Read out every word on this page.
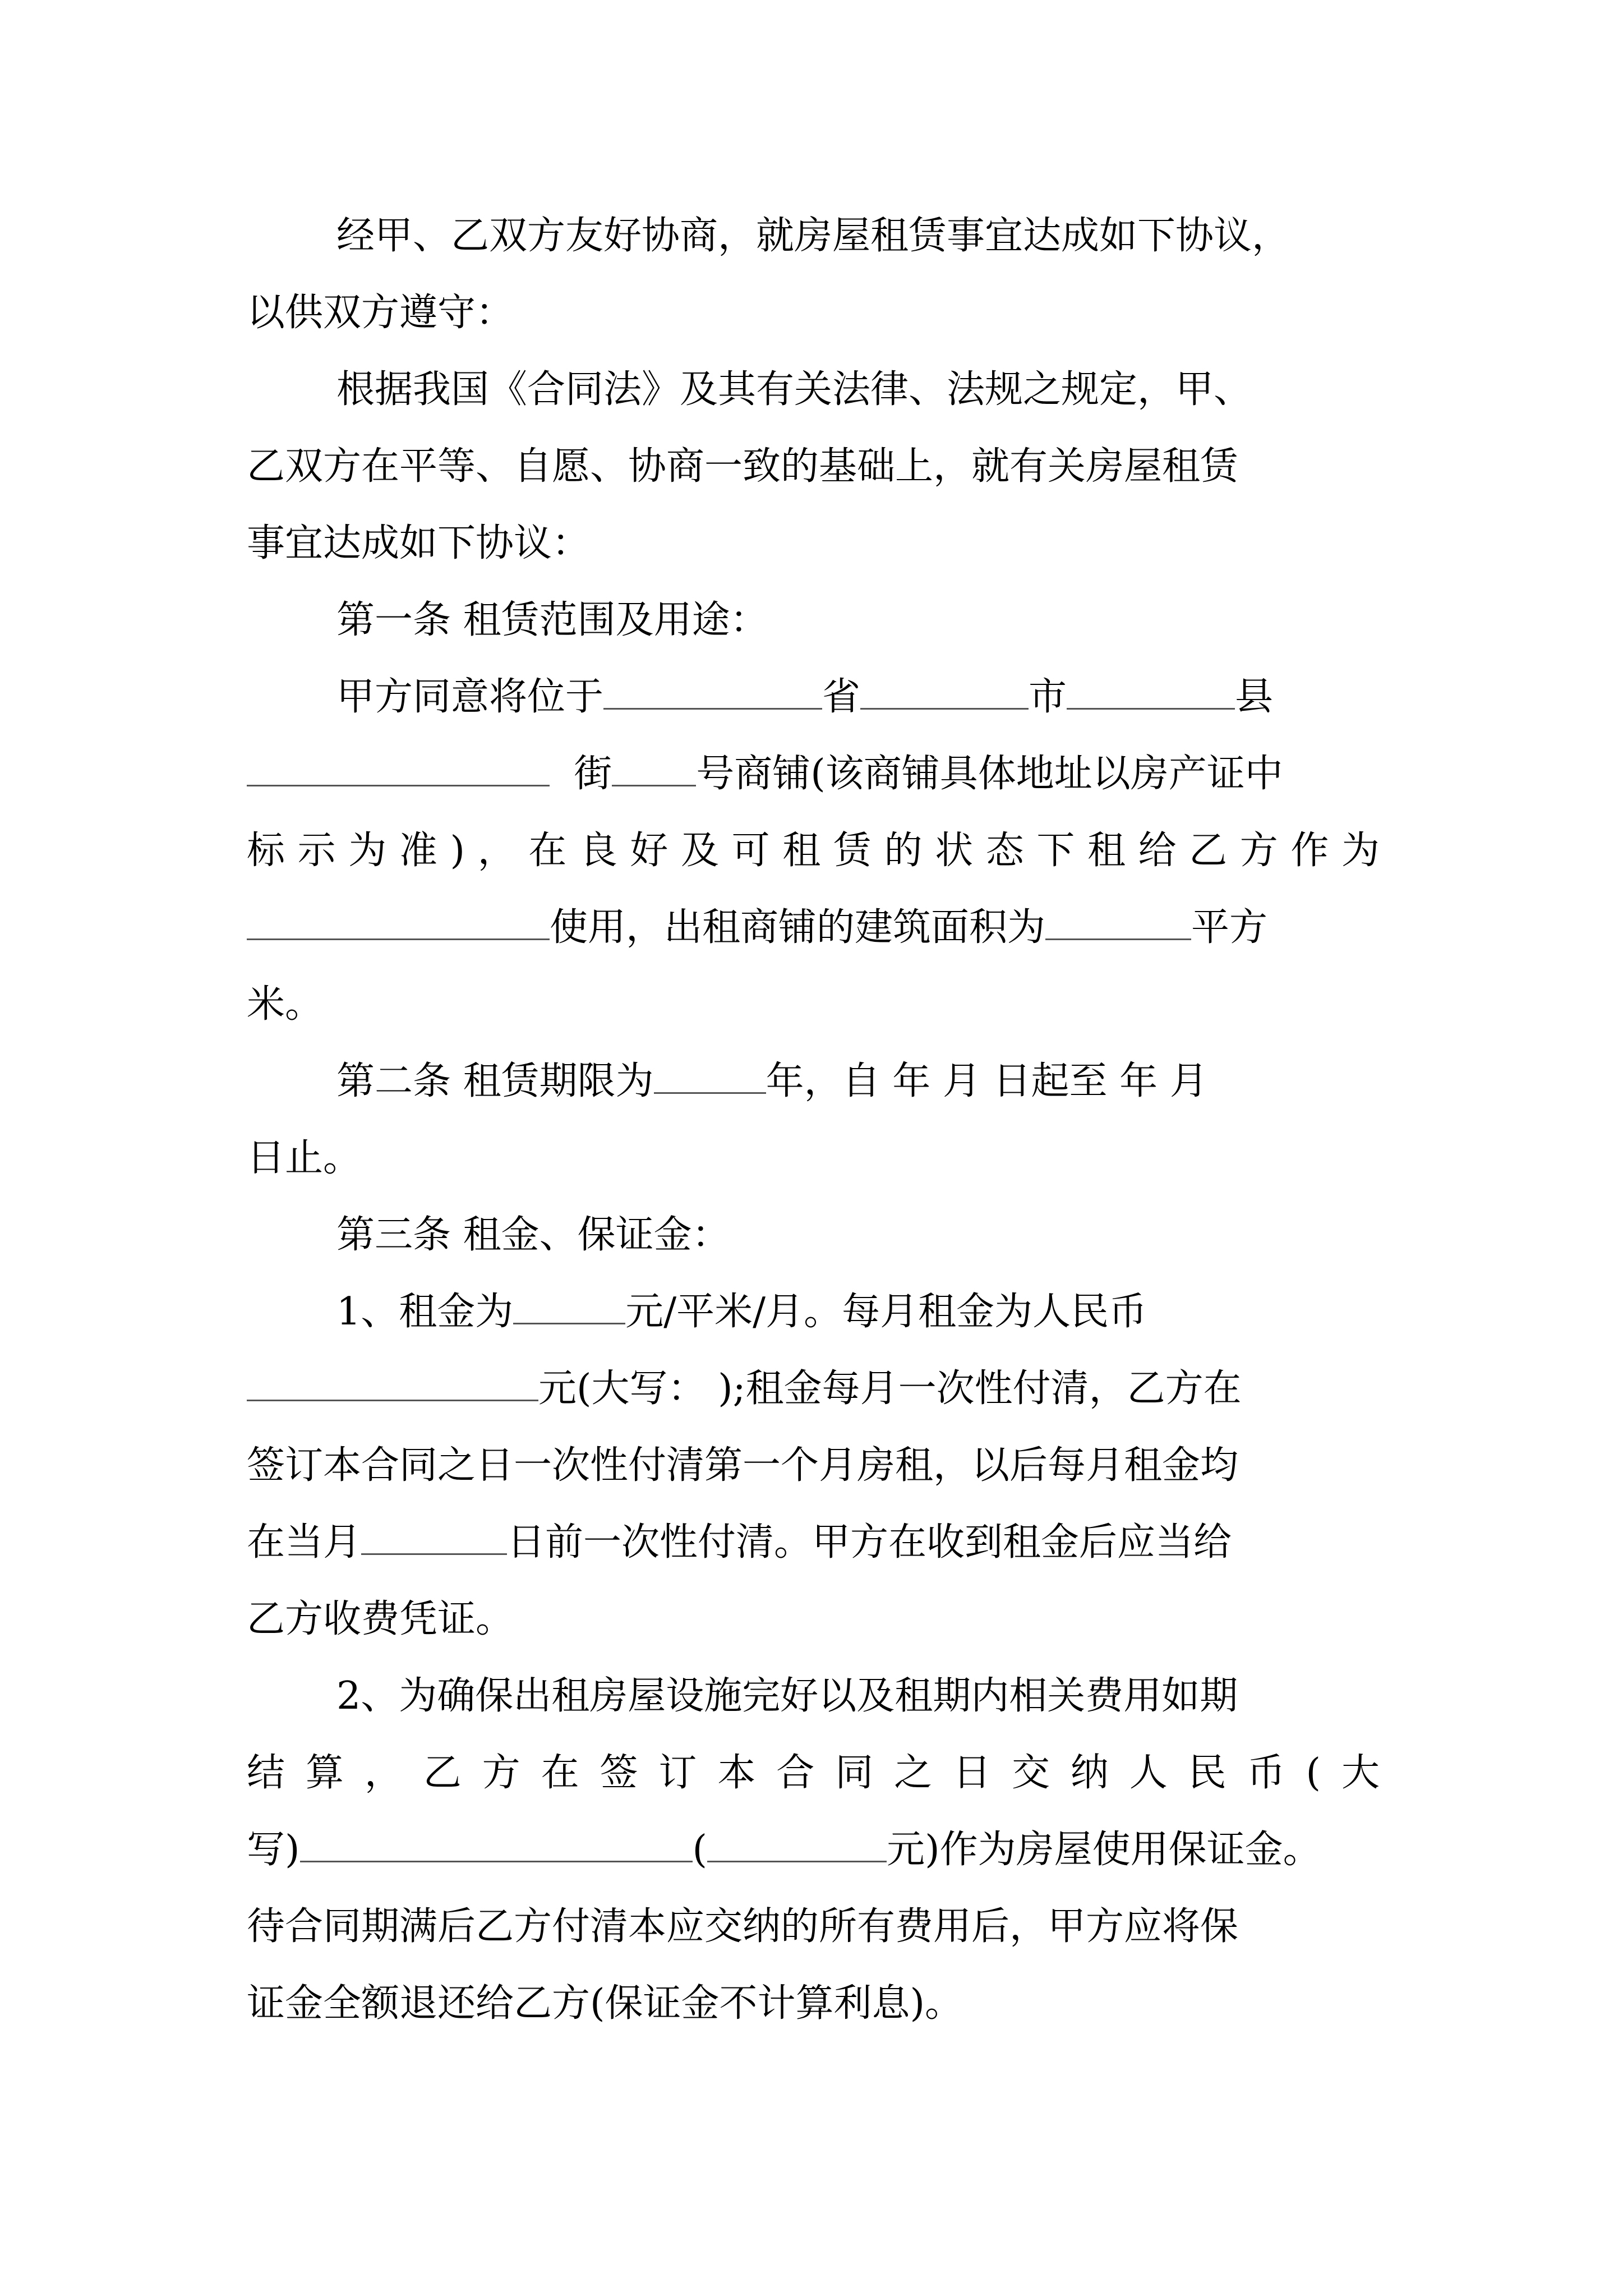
经甲、乙双方友好协商，就房屋租赁事宜达成如下协议，
以供双方遵守：
根据我国《合同法》及其有关法律、法规之规定，甲、
乙双方在平等、自愿、协商一致的基础上，就有关房屋租赁
事宜达成如下协议：
第一条 租赁范围及用途：
甲方同意将位于	省	市	县
街 号商铺(该商铺具体地址以房产证中
标示为准)，在良好及可租赁的状态下租给乙方作为
使用，出租商铺的建筑面积为	平方
米。
第二条 租赁期限为	年，自 年 月 日起至 年 月
日止。
第三条 租金、保证金：
1、租金为	元/平米/月。每月租金为人民币
元(大写： );租金每月一次性付清，乙方在
签订本合同之日一次性付清第一个月房租，以后每月租金均
在当月	日前一次性付清。甲方在收到租金后应当给
乙方收费凭证。
2、为确保出租房屋设施完好以及租期内相关费用如期
结算，乙方在签订本合同之日交纳人民币(大
写)	(	元)作为房屋使用保证金。
待合同期满后乙方付清本应交纳的所有费用后，甲方应将保
证金全额退还给乙方(保证金不计算利息)。
